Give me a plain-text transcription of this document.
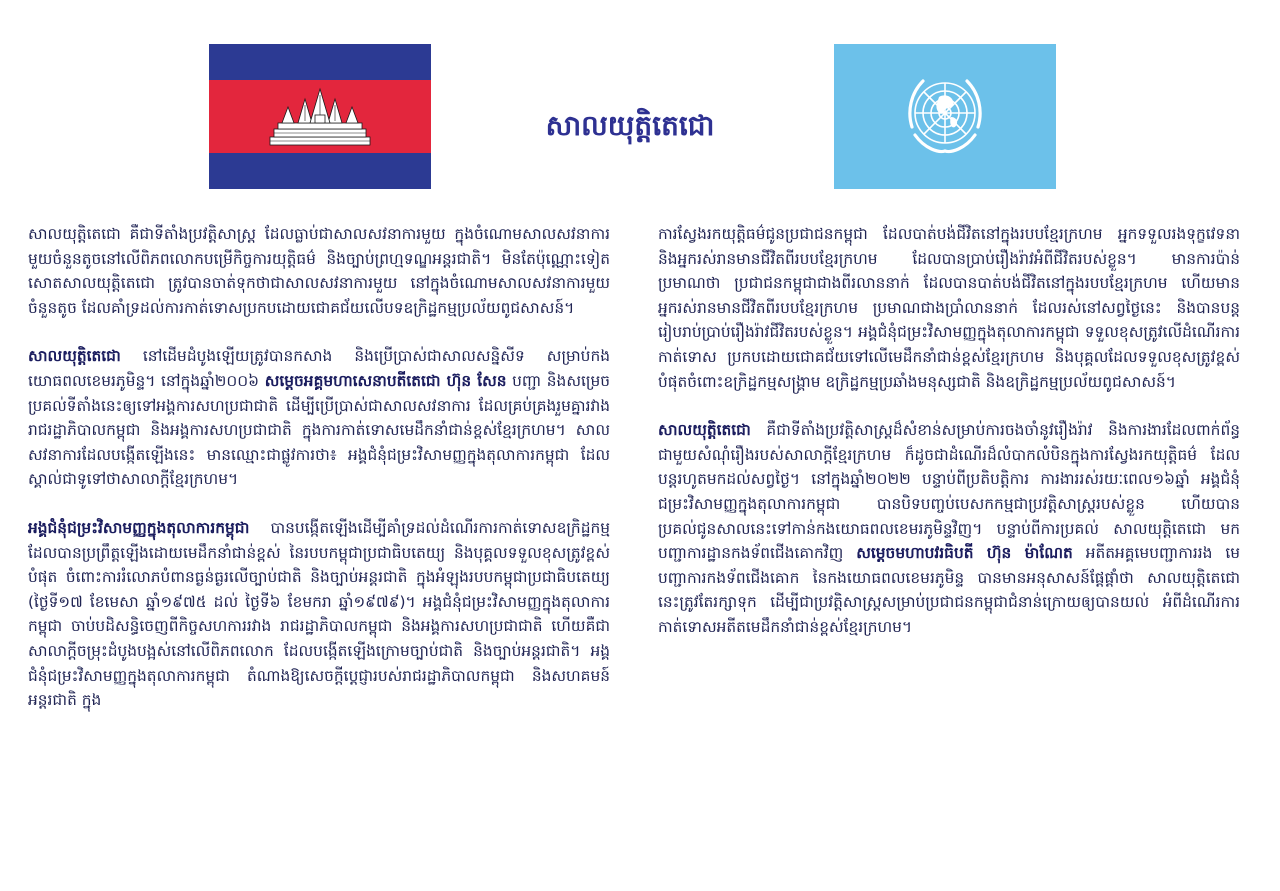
សាលយុត្តិតេជោ

សាលយុត្តិតេជោ គឺជាទីតាំងប្រវត្តិសាស្ត្រ ដែលធ្លាប់ជាសាលសវនាការមួយ ក្នុងចំណោមសាលសវនាការមួយចំនួនតូចនៅលើពិភពលោកបម្រើកិច្ចការយុត្តិធម៌ និងច្បាប់ព្រហ្មទណ្ឌអន្តរជាតិ។ មិនតែប៉ុណ្ណោះទៀតសោតសាលយុត្តិតេជោ ត្រូវបានចាត់ទុកថាជាសាលសវនាការមួយ នៅក្នុងចំណោមសាលសវនាការមួយចំនួនតូច ដែលគាំទ្រដល់ការកាត់ទោសប្រកបដោយជោគជ័យលើបទឧក្រិដ្ឋកម្មប្រល័យពូជសាសន៍។

សាលយុត្តិតេជោ នៅដើមដំបូងឡើយត្រូវបានកសាង និងប្រើប្រាស់ជាសាលសន្និសីទ សម្រាប់កងយោធពលខេមរភូមិន្ទ។ នៅក្នុងឆ្នាំ២០០៦ សម្តេចអគ្គមហាសេនាបតីតេជោ ហ៊ុន សែន បញ្ជា និងសម្រេចប្រគល់ទីតាំងនេះឲ្យទៅអង្គការសហប្រជាជាតិ ដើម្បីប្រើប្រាស់ជាសាលសវនាការ ដែលគ្រប់គ្រងរួមគ្នារវាងរាជរដ្ឋាភិបាលកម្ពុជា និងអង្គការសហប្រជាជាតិ ក្នុងការកាត់ទោសមេដឹកនាំជាន់ខ្ពស់ខ្មែរក្រហម។ សាលសវនាការដែលបង្កើតឡើងនេះ មានឈ្មោះជាផ្លូវការថា៖ អង្គជំនុំជម្រះវិសាមញ្ញក្នុងតុលាការកម្ពុជា ដែលស្គាល់ជាទូទៅថាសាលាក្តីខ្មែរក្រហម។

អង្គជំនុំជម្រះវិសាមញ្ញក្នុងតុលាការកម្ពុជា បានបង្កើតឡើងដើម្បីគាំទ្រដល់ដំណើរការកាត់ទោសឧក្រិដ្ឋកម្ម ដែលបានប្រព្រឹត្តឡើងដោយមេដឹកនាំជាន់ខ្ពស់ នៃរបបកម្ពុជាប្រជាធិបតេយ្យ និងបុគ្គលទទួលខុសត្រូវខ្ពស់បំផុត ចំពោះការរំលោភបំពានធ្ងន់ធ្ងរលើច្បាប់ជាតិ និងច្បាប់អន្តរជាតិ ក្នុងអំឡុងរបបកម្ពុជាប្រជាធិបតេយ្យ (ថ្ងៃទី១៧ ខែមេសា ឆ្នាំ១៩៧៥ ដល់ ថ្ងៃទី៦ ខែមករា ឆ្នាំ១៩៧៩)។ អង្គជំនុំជម្រះវិសាមញ្ញក្នុងតុលាការកម្ពុជា ចាប់បដិសន្ធិចេញពីកិច្ចសហការរវាង រាជរដ្ឋាភិបាលកម្ពុជា និងអង្គការសហប្រជាជាតិ ហើយគឺជាសាលាក្តីចម្រុះដំបូងបង្អស់នៅលើពិភពលោក ដែលបង្កើតឡើងក្រោមច្បាប់ជាតិ និងច្បាប់អន្តរជាតិ។ អង្គជំនុំជម្រះវិសាមញ្ញក្នុងតុលាការកម្ពុជា តំណាងឱ្យសេចក្តីប្តេជ្ញារបស់រាជរដ្ឋាភិបាលកម្ពុជា និងសហគមន៍អន្តរជាតិ ក្នុង

ការស្វែងរកយុត្តិធម៌ជូនប្រជាជនកម្ពុជា ដែលបាត់បង់ជីវិតនៅក្នុងរបបខ្មែរក្រហម អ្នកទទួលរងទុក្ខវេទនា និងអ្នករស់រានមានជីវិតពីរបបខ្មែរក្រហម ដែលបានប្រាប់រឿងរ៉ាវអំពីជីវិតរបស់ខ្លួន។ មានការប៉ាន់ប្រមាណថា ប្រជាជនកម្ពុជាជាងពីរលាននាក់ ដែលបានបាត់បង់ជីវិតនៅក្នុងរបបខ្មែរក្រហម ហើយមានអ្នករស់រានមានជីវិតពីរបបខ្មែរក្រហម ប្រមាណជាងប្រាំលាននាក់ ដែលរស់នៅសព្វថ្ងៃនេះ និងបានបន្តរៀបរាប់ប្រាប់រឿងរ៉ាវជីវិតរបស់ខ្លួន។ អង្គជំនុំជម្រះវិសាមញ្ញក្នុងតុលាការកម្ពុជា ទទួលខុសត្រូវលើដំណើរការកាត់ទោស ប្រកបដោយជោគជ័យទៅលើមេដឹកនាំជាន់ខ្ពស់ខ្មែរក្រហម និងបុគ្គលដែលទទួលខុសត្រូវខ្ពស់បំផុតចំពោះឧក្រិដ្ឋកម្មសង្គ្រាម ឧក្រិដ្ឋកម្មប្រឆាំងមនុស្សជាតិ និងឧក្រិដ្ឋកម្មប្រល័យពូជសាសន៍។

សាលយុត្តិតេជោ គឺជាទីតាំងប្រវត្តិសាស្ត្រដ៏សំខាន់សម្រាប់ការចងចាំនូវរឿងរ៉ាវ និងការងារដែលពាក់ព័ន្ធជាមួយសំណុំរឿងរបស់សាលាក្តីខ្មែរក្រហម ក៏ដូចជាដំណើរដ៏លំបាកលំបិនក្នុងការស្វែងរកយុត្តិធម៌ ដែលបន្តរហូតមកដល់សព្វថ្ងៃ។ នៅក្នុងឆ្នាំ២០២២ បន្ទាប់ពីប្រតិបត្តិការ ការងាររស់រយៈពេល១៦ឆ្នាំ អង្គជំនុំជម្រះវិសាមញ្ញក្នុងតុលាការកម្ពុជា បានបិទបញ្ចប់បេសកកម្មជាប្រវត្តិសាស្ត្ររបស់ខ្លួន ហើយបានប្រគល់ជូនសាលនេះទៅកាន់កងយោធពលខេមរភូមិន្ទវិញ។ បន្ទាប់ពីការប្រគល់ សាលយុត្តិតេជោ មកបញ្ជាការដ្ឋានកងទ័ពជើងគោកវិញ សម្តេចមហាបវរធិបតី ហ៊ុន ម៉ាណែត អតីតអគ្គមេបញ្ជាការរង មេបញ្ជាការកងទ័ពជើងគោក នៃកងយោធពលខេមរភូមិន្ទ បានមានអនុសាសន៍ផ្តែផ្តាំថា សាលយុត្តិតេជោ នេះត្រូវតែរក្សាទុក ដើម្បីជាប្រវត្តិសាស្ត្រសម្រាប់ប្រជាជនកម្ពុជាជំនាន់ក្រោយឲ្យបានយល់ អំពីដំណើរការកាត់ទោសអតីតមេដឹកនាំជាន់ខ្ពស់ខ្មែរក្រហម។
